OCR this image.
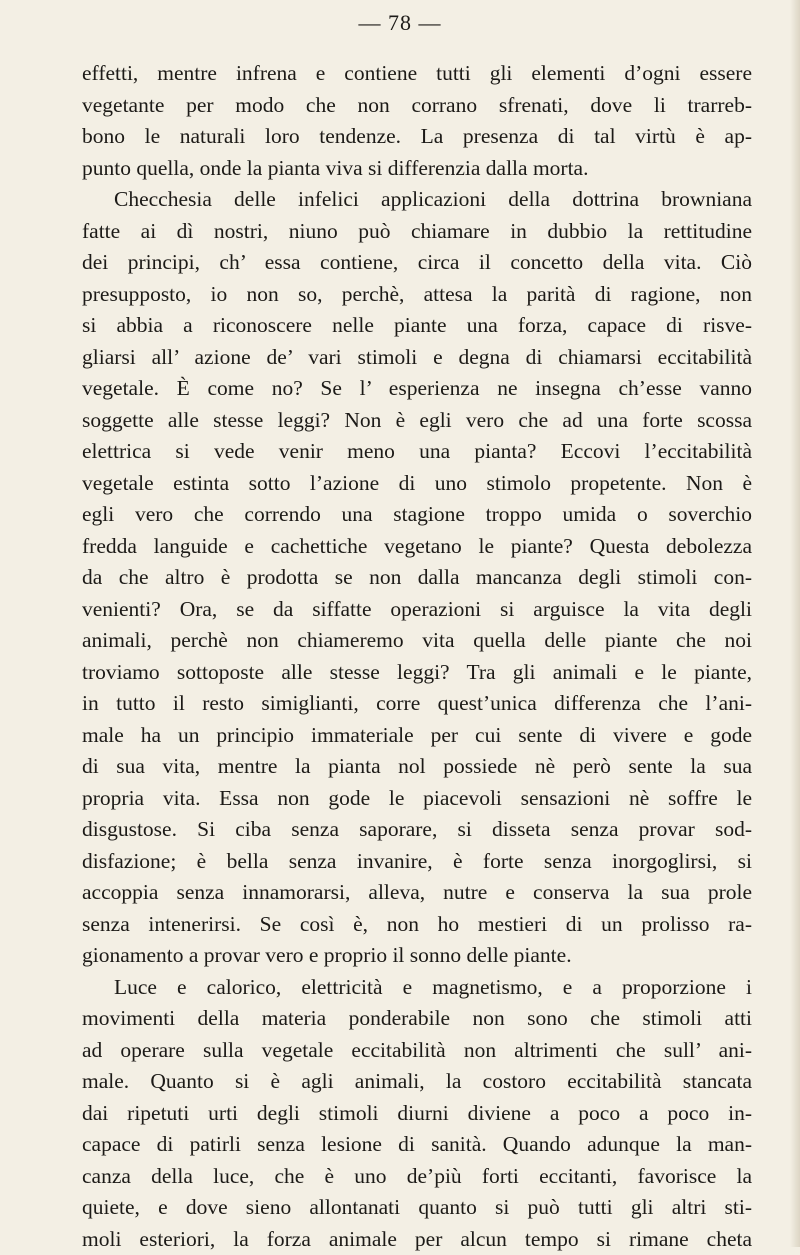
— 78 —
effetti, mentre infrena e contiene tutti gli elementi d’ogni essere
vegetante per modo che non corrano sfrenati, dove li trarreb-
bono le naturali loro tendenze. La presenza di tal virtù è ap-
punto quella, onde la pianta viva si differenzia dalla morta.
Checchesia delle infelici applicazioni della dottrina browniana
fatte ai dì nostri, niuno può chiamare in dubbio la rettitudine
dei principi, ch’ essa contiene, circa il concetto della vita. Ciò
presupposto, io non so, perchè, attesa la parità di ragione, non
si abbia a riconoscere nelle piante una forza, capace di risve-
gliarsi all’ azione de’ vari stimoli e degna di chiamarsi eccitabilità
vegetale. È come no? Se l’ esperienza ne insegna ch’esse vanno
soggette alle stesse leggi? Non è egli vero che ad una forte scossa
elettrica si vede venir meno una pianta? Eccovi l’eccitabilità
vegetale estinta sotto l’azione di uno stimolo propetente. Non è
egli vero che correndo una stagione troppo umida o soverchio
fredda languide e cachettiche vegetano le piante? Questa debolezza
da che altro è prodotta se non dalla mancanza degli stimoli con-
venienti? Ora, se da siffatte operazioni si arguisce la vita degli
animali, perchè non chiameremo vita quella delle piante che noi
troviamo sottoposte alle stesse leggi? Tra gli animali e le piante,
in tutto il resto simiglianti, corre quest’unica differenza che l’ani-
male ha un principio immateriale per cui sente di vivere e gode
di sua vita, mentre la pianta nol possiede nè però sente la sua
propria vita. Essa non gode le piacevoli sensazioni nè soffre le
disgustose. Si ciba senza saporare, si disseta senza provar sod-
disfazione; è bella senza invanire, è forte senza inorgoglirsi, si
accoppia senza innamorarsi, alleva, nutre e conserva la sua prole
senza intenerirsi. Se così è, non ho mestieri di un prolisso ra-
gionamento a provar vero e proprio il sonno delle piante.
Luce e calorico, elettricità e magnetismo, e a proporzione i
movimenti della materia ponderabile non sono che stimoli atti
ad operare sulla vegetale eccitabilità non altrimenti che sull’ ani-
male. Quanto si è agli animali, la costoro eccitabilità stancata
dai ripetuti urti degli stimoli diurni diviene a poco a poco in-
capace di patirli senza lesione di sanità. Quando adunque la man-
canza della luce, che è uno de’più forti eccitanti, favorisce la
quiete, e dove sieno allontanati quanto si può tutti gli altri sti-
moli esteriori, la forza animale per alcun tempo si rimane cheta
